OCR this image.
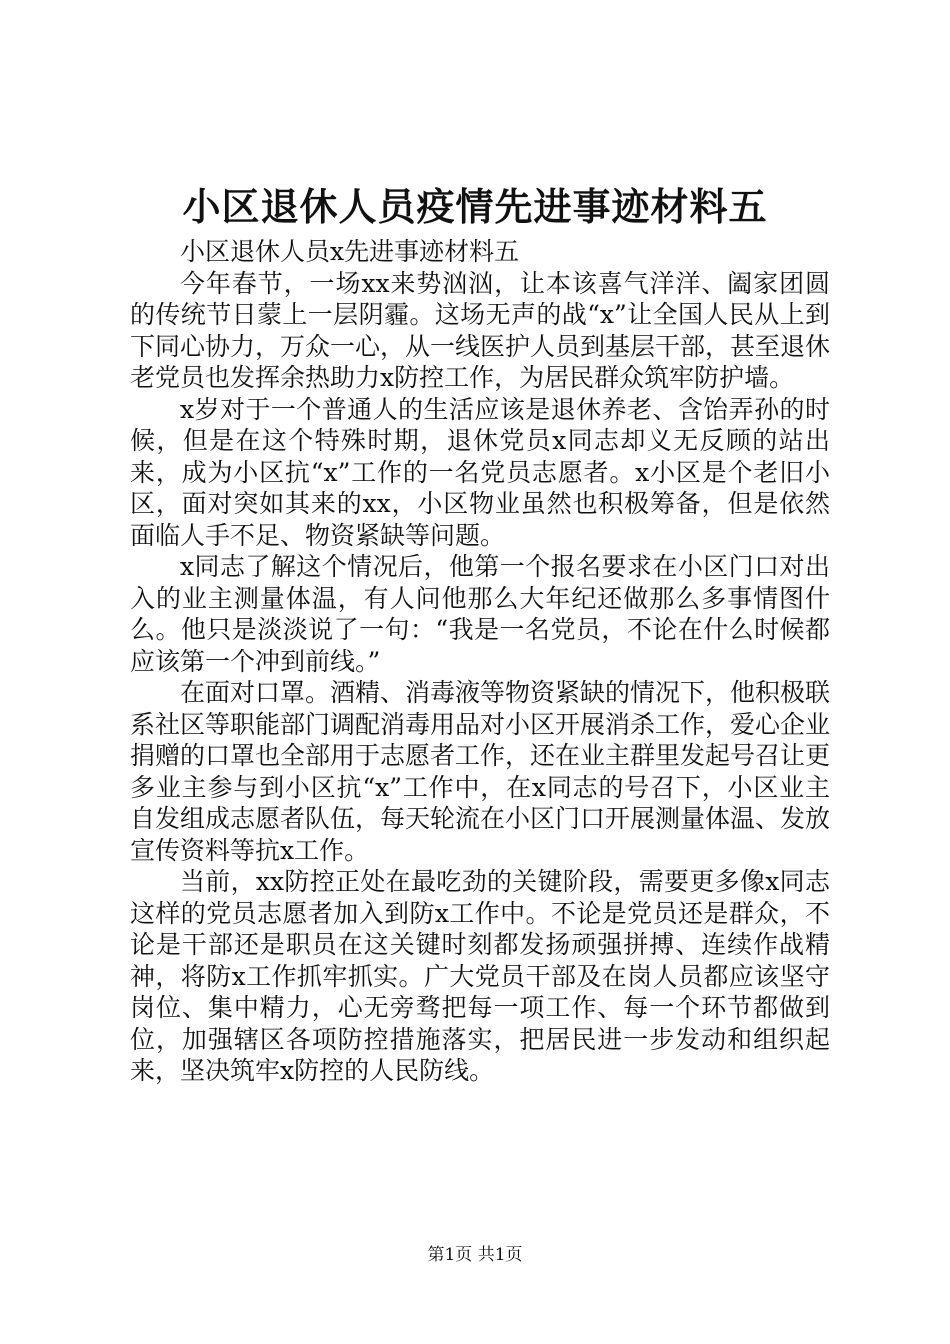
小区退休人员疫情先进事迹材料五

小区退休人员x先进事迹材料五

今年春节，一场xx来势汹汹，让本该喜气洋洋、阖家团圆的传统节日蒙上一层阴霾。这场无声的战“x”让全国人民从上到下同心协力，万众一心，从一线医护人员到基层干部，甚至退休老党员也发挥余热助力x防控工作，为居民群众筑牢防护墙。

x岁对于一个普通人的生活应该是退休养老、含饴弄孙的时候，但是在这个特殊时期，退休党员x同志却义无反顾的站出来，成为小区抗“x”工作的一名党员志愿者。x小区是个老旧小区，面对突如其来的xx，小区物业虽然也积极筹备，但是依然面临人手不足、物资紧缺等问题。

x同志了解这个情况后，他第一个报名要求在小区门口对出入的业主测量体温，有人问他那么大年纪还做那么多事情图什么。他只是淡淡说了一句：“我是一名党员，不论在什么时候都应该第一个冲到前线。”

在面对口罩。酒精、消毒液等物资紧缺的情况下，他积极联系社区等职能部门调配消毒用品对小区开展消杀工作，爱心企业捐赠的口罩也全部用于志愿者工作，还在业主群里发起号召让更多业主参与到小区抗“x”工作中，在x同志的号召下，小区业主自发组成志愿者队伍，每天轮流在小区门口开展测量体温、发放宣传资料等抗x工作。

当前，xx防控正处在最吃劲的关键阶段，需要更多像x同志这样的党员志愿者加入到防x工作中。不论是党员还是群众，不论是干部还是职员在这关键时刻都发扬顽强拼搏、连续作战精神，将防x工作抓牢抓实。广大党员干部及在岗人员都应该坚守岗位、集中精力，心无旁骛把每一项工作、每一个环节都做到位，加强辖区各项防控措施落实，把居民进一步发动和组织起来，坚决筑牢x防控的人民防线。

第1页 共1页
